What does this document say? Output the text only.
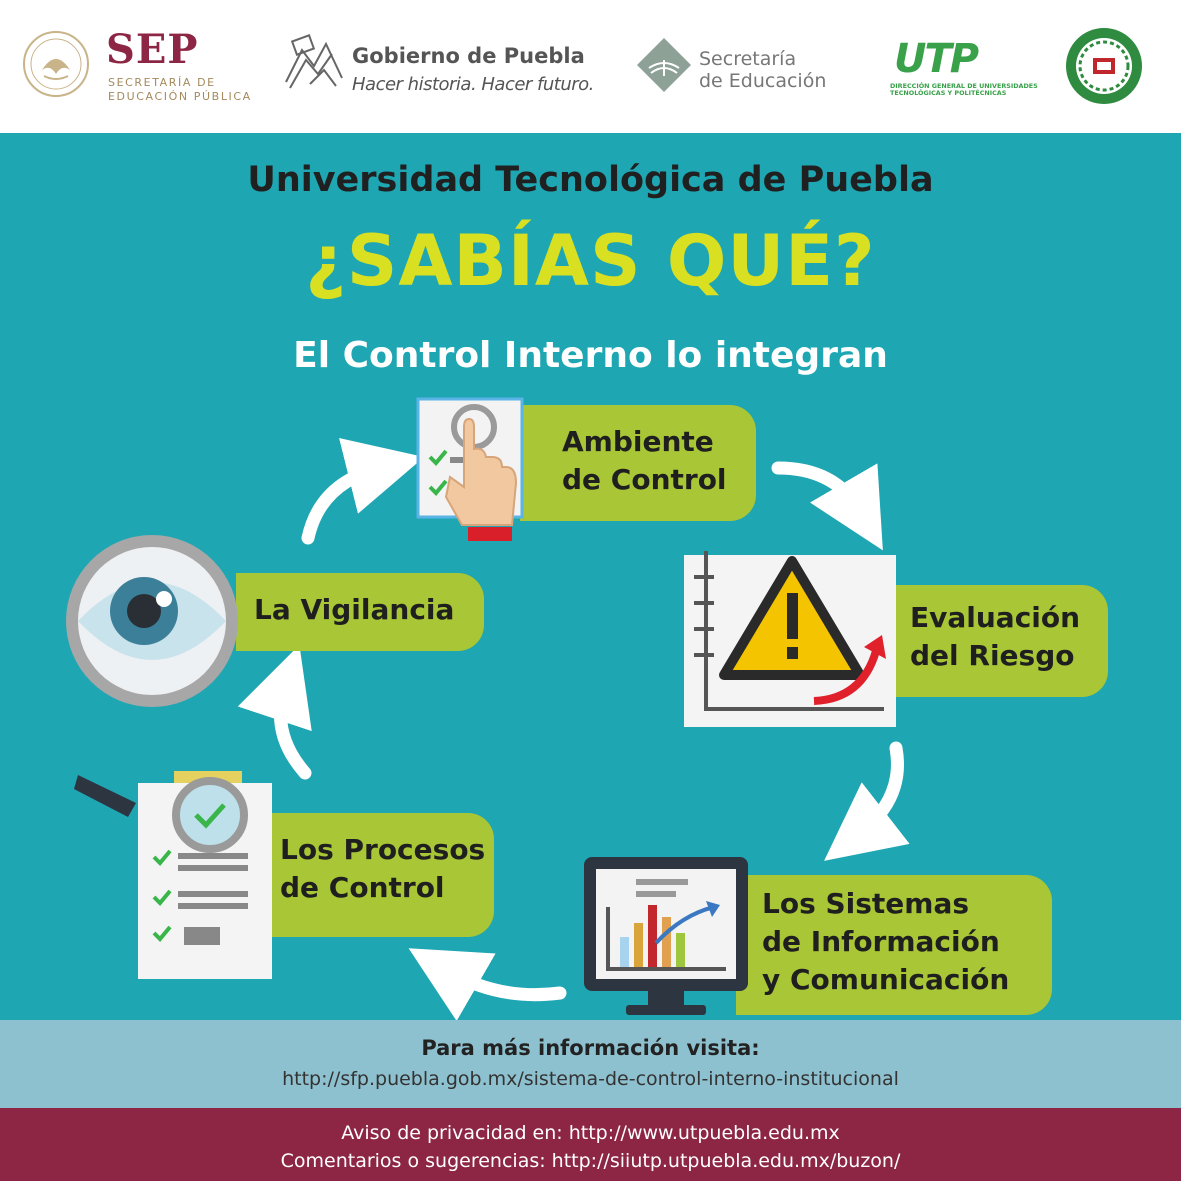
SEP
SECRETARÍA DE
EDUCACIÓN PÚBLICA
Gobierno de Puebla
Hacer historia. Hacer futuro.
Secretaría
de Educación UTP
DIRECCIÓN GENERAL DE UNIVERSIDADES
TECNOLÓGICAS Y POLITÉCNICAS
Universidad Tecnológica de Puebla
¿SABÍAS QUÉ?
El Control Interno lo integran
Ambiente
de Control
Evaluación
del Riesgo
Los Sistemas
de Información
y Comunicación
Los Procesos
de Control
La Vigilancia
Para más información visita:
http://sfp.puebla.gob.mx/sistema-de-control-interno-institucional
Aviso de privacidad en: http://www.utpuebla.edu.mx
Comentarios o sugerencias: http://siiutp.utpuebla.edu.mx/buzon/
